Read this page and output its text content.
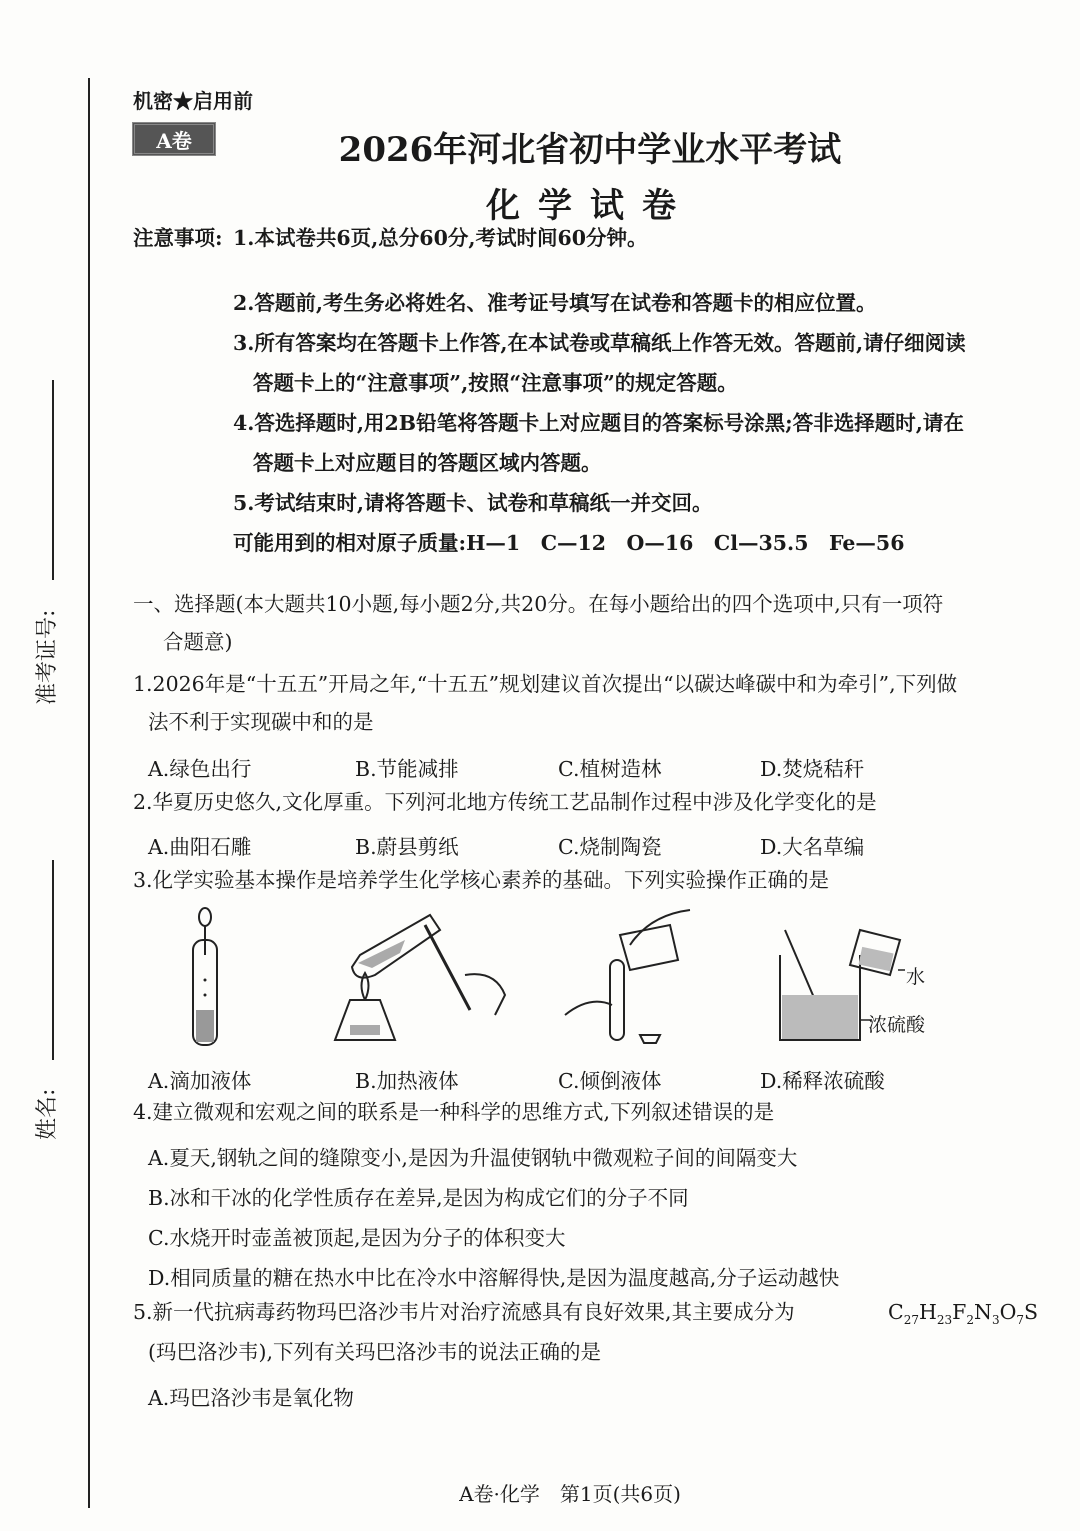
准考证号:
姓名:
机密★启用前
A卷	2026年河北省初中学业水平考试
化学试卷
注意事项: 1.本试卷共6页,总分60分,考试时间60分钟。
2.答题前,考生务必将姓名、准考证号填写在试卷和答题卡的相应位置。
3.所有答案均在答题卡上作答,在本试卷或草稿纸上作答无效。答题前,请仔细阅读
答题卡上的“注意事项”,按照“注意事项”的规定答题。
4.答选择题时,用2B铅笔将答题卡上对应题目的答案标号涂黑;答非选择题时,请在
答题卡上对应题目的答题区域内答题。
5.考试结束时,请将答题卡、试卷和草稿纸一并交回。
可能用到的相对原子质量:H—1　C—12　O—16　Cl—35.5　Fe—56
一、选择题(本大题共10小题,每小题2分,共20分。在每小题给出的四个选项中,只有一项符
合题意)
1.2026年是“十五五”开局之年,“十五五”规划建议首次提出“以碳达峰碳中和为牵引”,下列做
法不利于实现碳中和的是
A.绿色出行	B.节能减排	C.植树造林	D.焚烧秸秆
2.华夏历史悠久,文化厚重。下列河北地方传统工艺品制作过程中涉及化学变化的是
A.曲阳石雕	B.蔚县剪纸	C.烧制陶瓷	D.大名草编
3.化学实验基本操作是培养学生化学核心素养的基础。下列实验操作正确的是
水
浓硫酸
A.滴加液体	B.加热液体	C.倾倒液体	D.稀释浓硫酸
4.建立微观和宏观之间的联系是一种科学的思维方式,下列叙述错误的是
A.夏天,钢轨之间的缝隙变小,是因为升温使钢轨中微观粒子间的间隔变大
B.冰和干冰的化学性质存在差异,是因为构成它们的分子不同
C.水烧开时壶盖被顶起,是因为分子的体积变大
D.相同质量的糖在热水中比在冷水中溶解得快,是因为温度越高,分子运动越快
5.新一代抗病毒药物玛巴洛沙韦片对治疗流感具有良好效果,其主要成分为	$C_{27}H_{23}F_2N_3O_7S$
(玛巴洛沙韦),下列有关玛巴洛沙韦的说法正确的是
A.玛巴洛沙韦是氧化物
A卷·化学　第1页(共6页)
